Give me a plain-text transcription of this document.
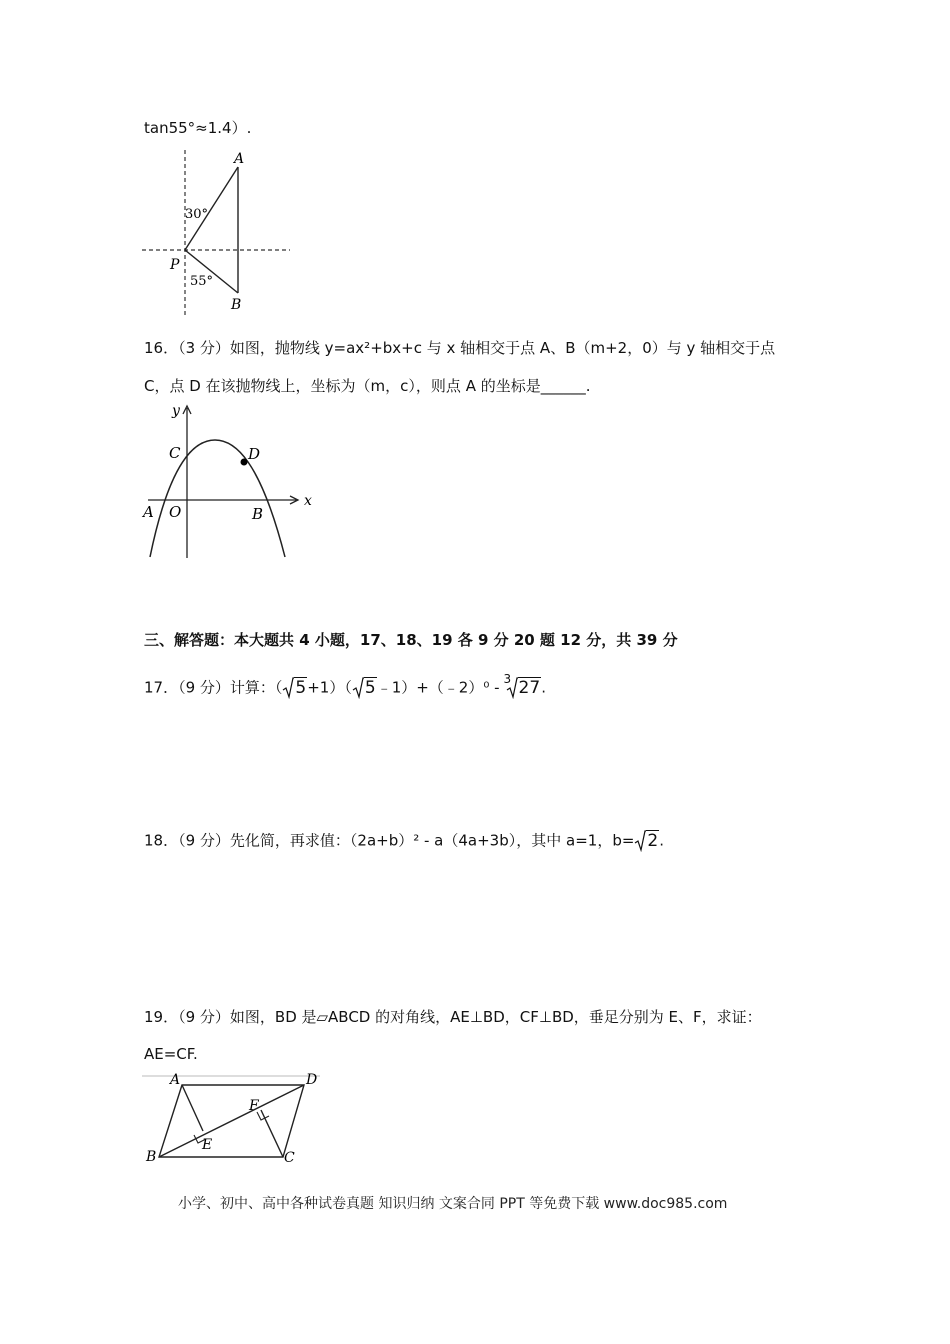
tan55°≈1.4）.
A
B
P
30°
55°
16．（3 分）如图，抛物线 y=ax²+bx+c 与 x 轴相交于点 A、B（m+2，0）与 y 轴相交于点
C，点 D 在该抛物线上，坐标为（m，c），则点 A 的坐标是______.
y
x
C	D
A O	B
三、解答题：本大题共 4 小题，17、18、19 各 9 分 20 题 12 分，共 39 分
17．（9 分）计算：（ 5+1）（ 5﹣1）+（﹣2）⁰ - 3 27.
18．（9 分）先化简，再求值：（2a+b）² - a（4a+3b），其中 a=1，b= 2.
19．（9 分）如图，BD 是▱ABCD 的对角线，AE⊥BD，CF⊥BD，垂足分别为 E、F，求证：
AE=CF.
A	D
B	C
E
F
小学、初中、高中各种试卷真题 知识归纳 文案合同 PPT 等免费下载 www.doc985.com
